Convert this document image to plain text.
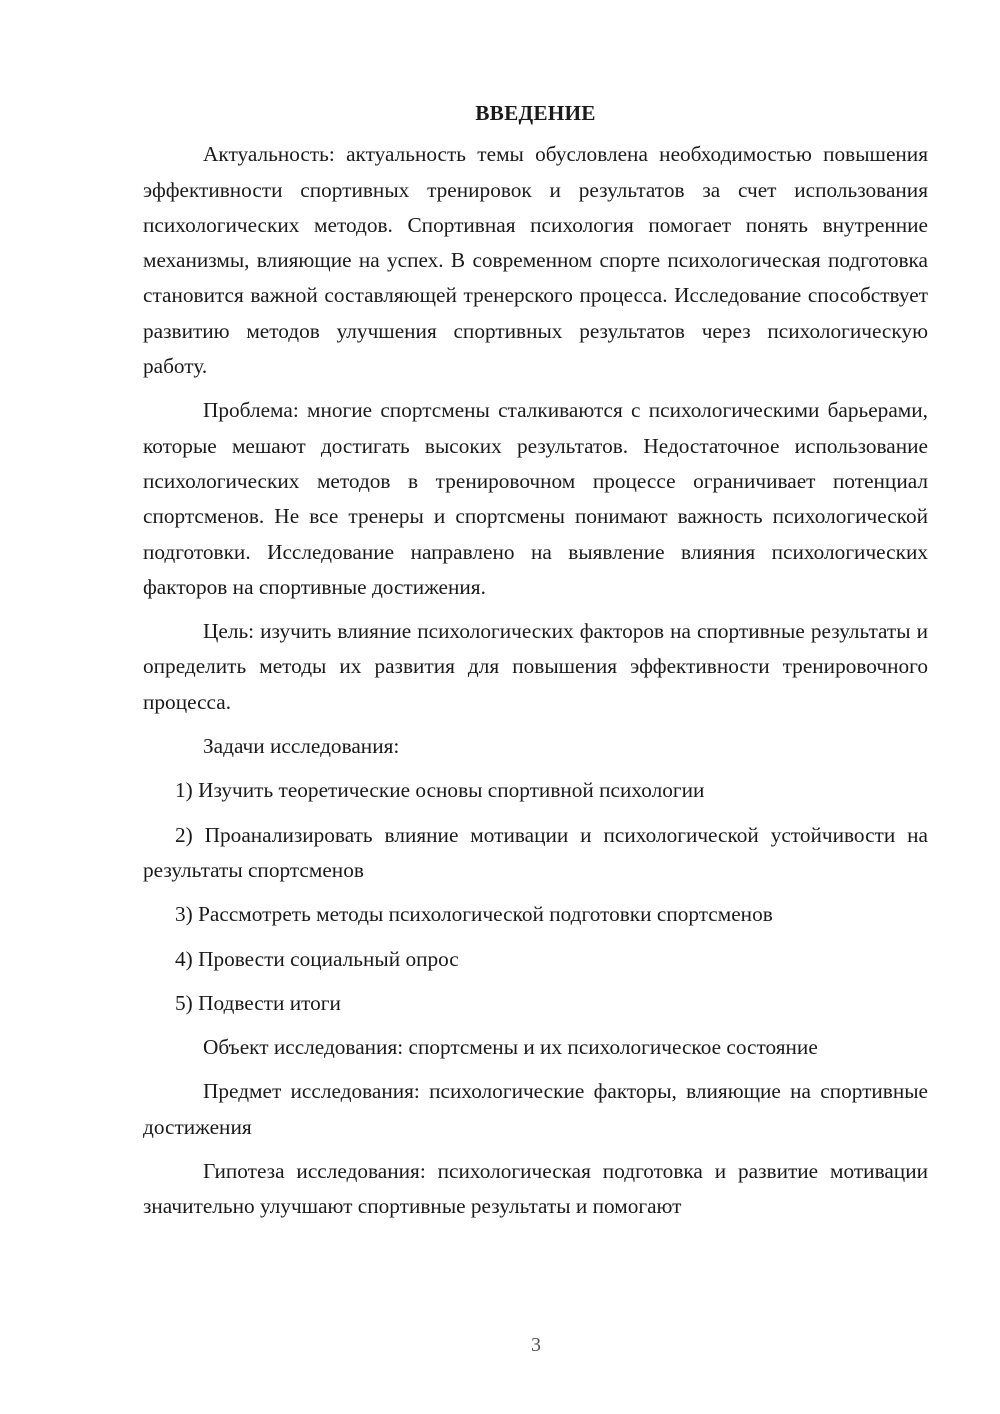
ВВЕДЕНИЕ

Актуальность: актуальность темы обусловлена необходимостью повышения эффективности спортивных тренировок и результатов за счет использования психологических методов. Спортивная психология помогает понять внутренние механизмы, влияющие на успех. В современном спорте психологическая подготовка становится важной составляющей тренерского процесса. Исследование способствует развитию методов улучшения спортивных результатов через психологическую работу.

Проблема: многие спортсмены сталкиваются с психологическими барьерами, которые мешают достигать высоких результатов. Недостаточное использование психологических методов в тренировочном процессе ограничивает потенциал спортсменов. Не все тренеры и спортсмены понимают важность психологической подготовки. Исследование направлено на выявление влияния психологических факторов на спортивные достижения.

Цель: изучить влияние психологических факторов на спортивные результаты и определить методы их развития для повышения эффективности тренировочного процесса.

Задачи исследования:

1) Изучить теоретические основы спортивной психологии

2) Проанализировать влияние мотивации и психологической устойчивости на результаты спортсменов

3) Рассмотреть методы психологической подготовки спортсменов

4) Провести социальный опрос

5) Подвести итоги

Объект исследования: спортсмены и их психологическое состояние

Предмет исследования: психологические факторы, влияющие на спортивные достижения

Гипотеза исследования: психологическая подготовка и развитие мотивации значительно улучшают спортивные результаты и помогают

3
